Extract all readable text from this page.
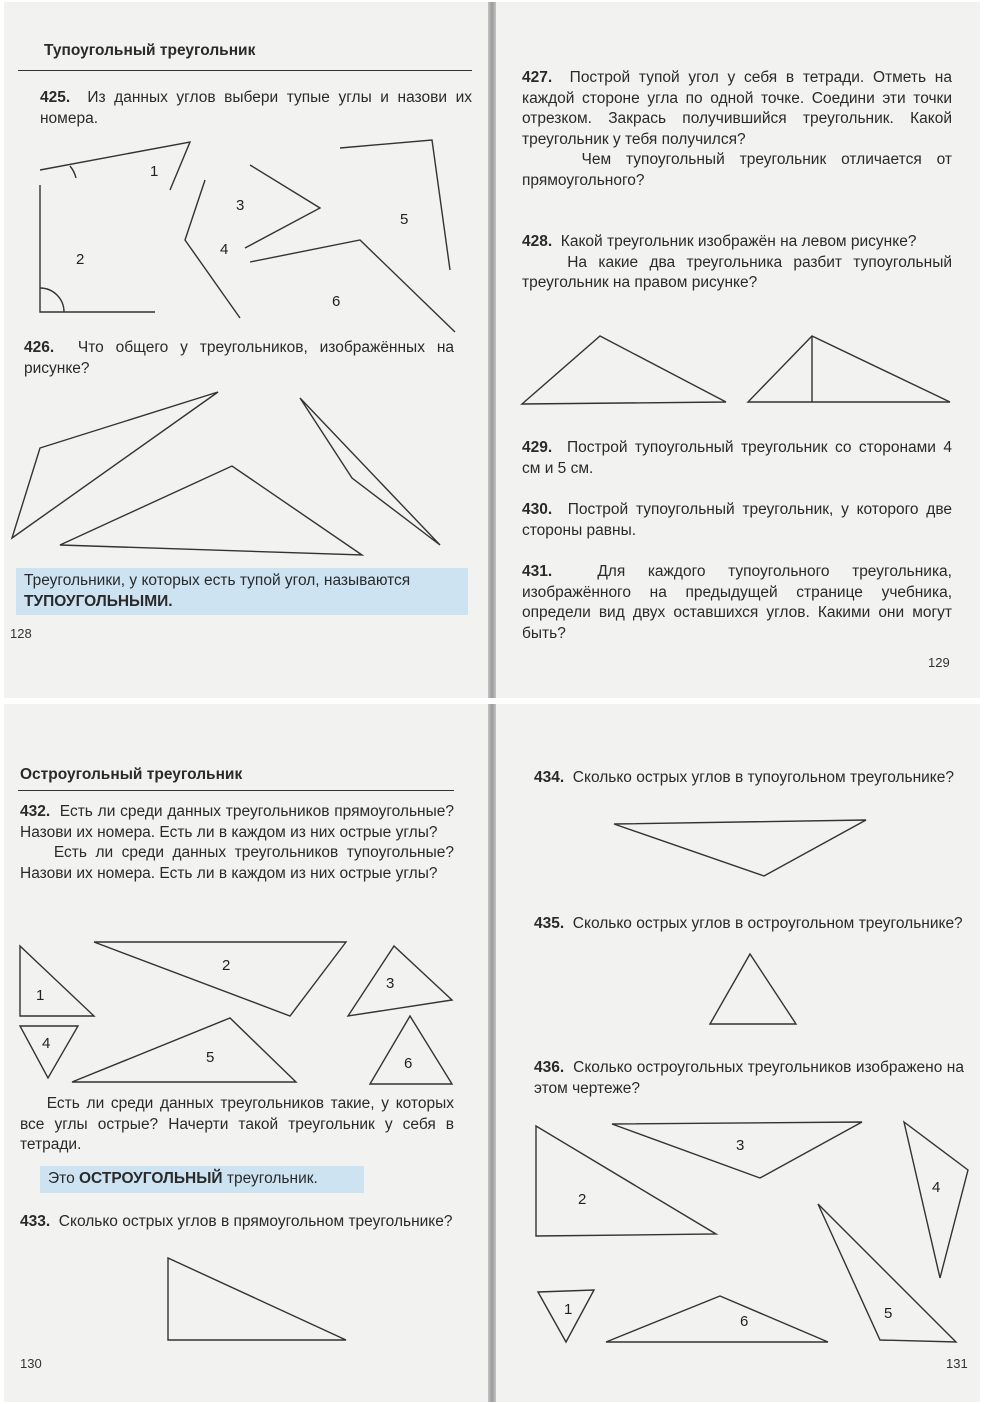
Тупоугольный треугольник
425. Из данных углов выбери тупые углы и назови их номера.
1
2
3
4
5
6
426. Что общего у треугольников, изображённых на рисунке?
Треугольники, у которых есть тупой угол, называются ТУПОУГОЛЬНЫМИ.
128
427. Построй тупой угол у себя в тетради. Отметь на каждой стороне угла по одной точке. Соедини эти точки отрезком. Закрась получившийся треугольник. Какой треугольник у тебя получился?
Чем тупоугольный треугольник отличается от прямоугольного?
428. Какой треугольник изображён на левом рисунке?
На какие два треугольника разбит тупоугольный треугольник на правом рисунке?
429. Построй тупоугольный треугольник со сторонами 4 см и 5 см.
430. Построй тупоугольный треугольник, у которого две стороны равны.
431.	Для каждого тупоугольного треугольника, изображённого на предыдущей странице учебника, определи вид двух оставшихся углов. Какими они могут быть?
129
Остроугольный треугольник
432. Есть ли среди данных треугольников прямоугольные? Назови их номера. Есть ли в каждом из них острые углы?
Есть ли среди данных треугольников тупоугольные? Назови их номера. Есть ли в каждом из них острые углы?
1
2
3
4
5	6
Есть ли среди данных треугольников такие, у которых все углы острые? Начерти такой треугольник у себя в тетради.
Это ОСТРОУГОЛЬНЫЙ треугольник.
433. Сколько острых углов в прямоугольном треугольнике?
130
434. Сколько острых углов в тупоугольном треугольнике?
435. Сколько острых углов в остроугольном треугольнике?
436. Сколько остроугольных треугольников изображено на этом чертеже?
1
2
3
4
5
6
131
